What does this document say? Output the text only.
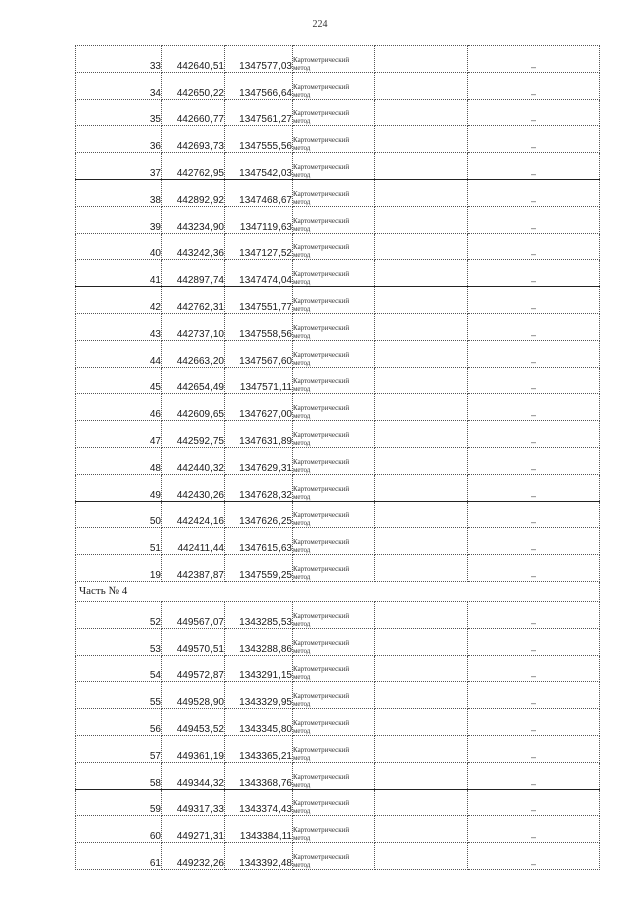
224
33	442640,51	1347577,03	Картометрический
метод		–
34	442650,22	1347566,64	Картометрический
метод		–
35	442660,77	1347561,27	Картометрический
метод		–
36	442693,73	1347555,56	Картометрический
метод		–
37	442762,95	1347542,03	Картометрический
метод		–
38	442892,92	1347468,67	Картометрический
метод		–
39	443234,90	1347119,63	Картометрический
метод		–
40	443242,36	1347127,52	Картометрический
метод		–
41	442897,74	1347474,04	Картометрический
метод		–
42	442762,31	1347551,77	Картометрический
метод		–
43	442737,10	1347558,56	Картометрический
метод		–
44	442663,20	1347567,60	Картометрический
метод		–
45	442654,49	1347571,11	Картометрический
метод		–
46	442609,65	1347627,00	Картометрический
метод		–
47	442592,75	1347631,89	Картометрический
метод		–
48	442440,32	1347629,31	Картометрический
метод		–
49	442430,26	1347628,32	Картометрический
метод		–
50	442424,16	1347626,25	Картометрический
метод		–
51	442411,44	1347615,63	Картометрический
метод		–
19	442387,87	1347559,25	Картометрический
метод		–
Часть № 4					
52	449567,07	1343285,53	Картометрический
метод		–
53	449570,51	1343288,86	Картометрический
метод		–
54	449572,87	1343291,15	Картометрический
метод		–
55	449528,90	1343329,95	Картометрический
метод		–
56	449453,52	1343345,80	Картометрический
метод		–
57	449361,19	1343365,21	Картометрический
метод		–
58	449344,32	1343368,76	Картометрический
метод		–
59	449317,33	1343374,43	Картометрический
метод		–
60	449271,31	1343384,11	Картометрический
метод		–
61	449232,26	1343392,48	Картометрический
метод		–
